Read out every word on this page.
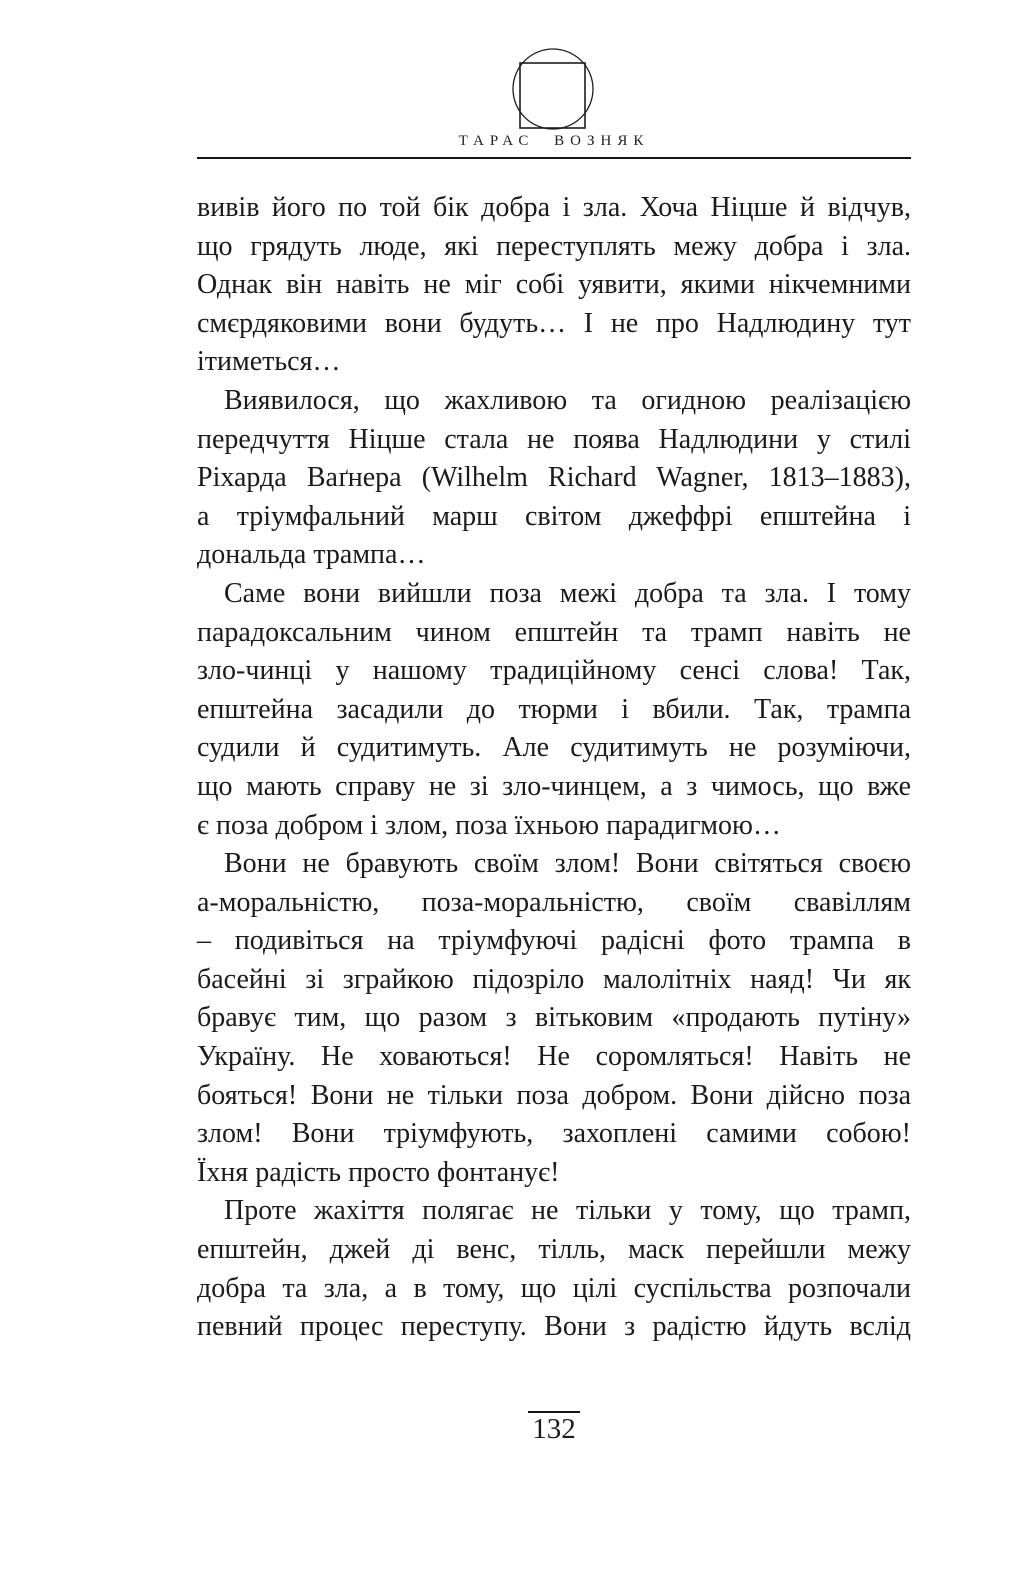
ТАРАС ВОЗНЯК
вивів його по той бік добра і зла. Хоча Ніцше й відчув,
що грядуть люде, які переступлять межу добра і зла.
Однак він навіть не міг собі уявити, якими нікчемними
смєрдяковими вони будуть… І не про Надлюдину тут
ітиметься…
Виявилося, що жахливою та огидною реалізацією
передчуття Ніцше стала не поява Надлюдини у стилі
Ріхарда Ваґнера (Wilhelm Richard Wagner, 1813–1883),
а тріумфальний марш світом джеффрі епштейна і
дональда трампа…
Саме вони вийшли поза межі добра та зла. І тому
парадоксальним чином епштейн та трамп навіть не
зло-чинці у нашому традиційному сенсі слова! Так,
епштейна засадили до тюрми і вбили. Так, трампа
судили й судитимуть. Але судитимуть не розуміючи,
що мають справу не зі зло-чинцем, а з чимось, що вже
є поза добром і злом, поза їхньою парадигмою…
Вони не бравують своїм злом! Вони світяться своєю
а-моральністю, поза-моральністю, своїм свавіллям
– подивіться на тріумфуючі радісні фото трампа в
басейні зі зграйкою підозріло малолітніх наяд! Чи як
бравує тим, що разом з вітьковим «продають путіну»
Україну. Не ховаються! Не соромляться! Навіть не
бояться! Вони не тільки поза добром. Вони дійсно поза
злом! Вони тріумфують, захоплені самими собою!
Їхня радість просто фонтанує!
Проте жахіття полягає не тільки у тому, що трамп,
епштейн, джей ді венс, тілль, маск перейшли межу
добра та зла, а в тому, що цілі суспільства розпочали
певний процес переступу. Вони з радістю йдуть вслід
132
